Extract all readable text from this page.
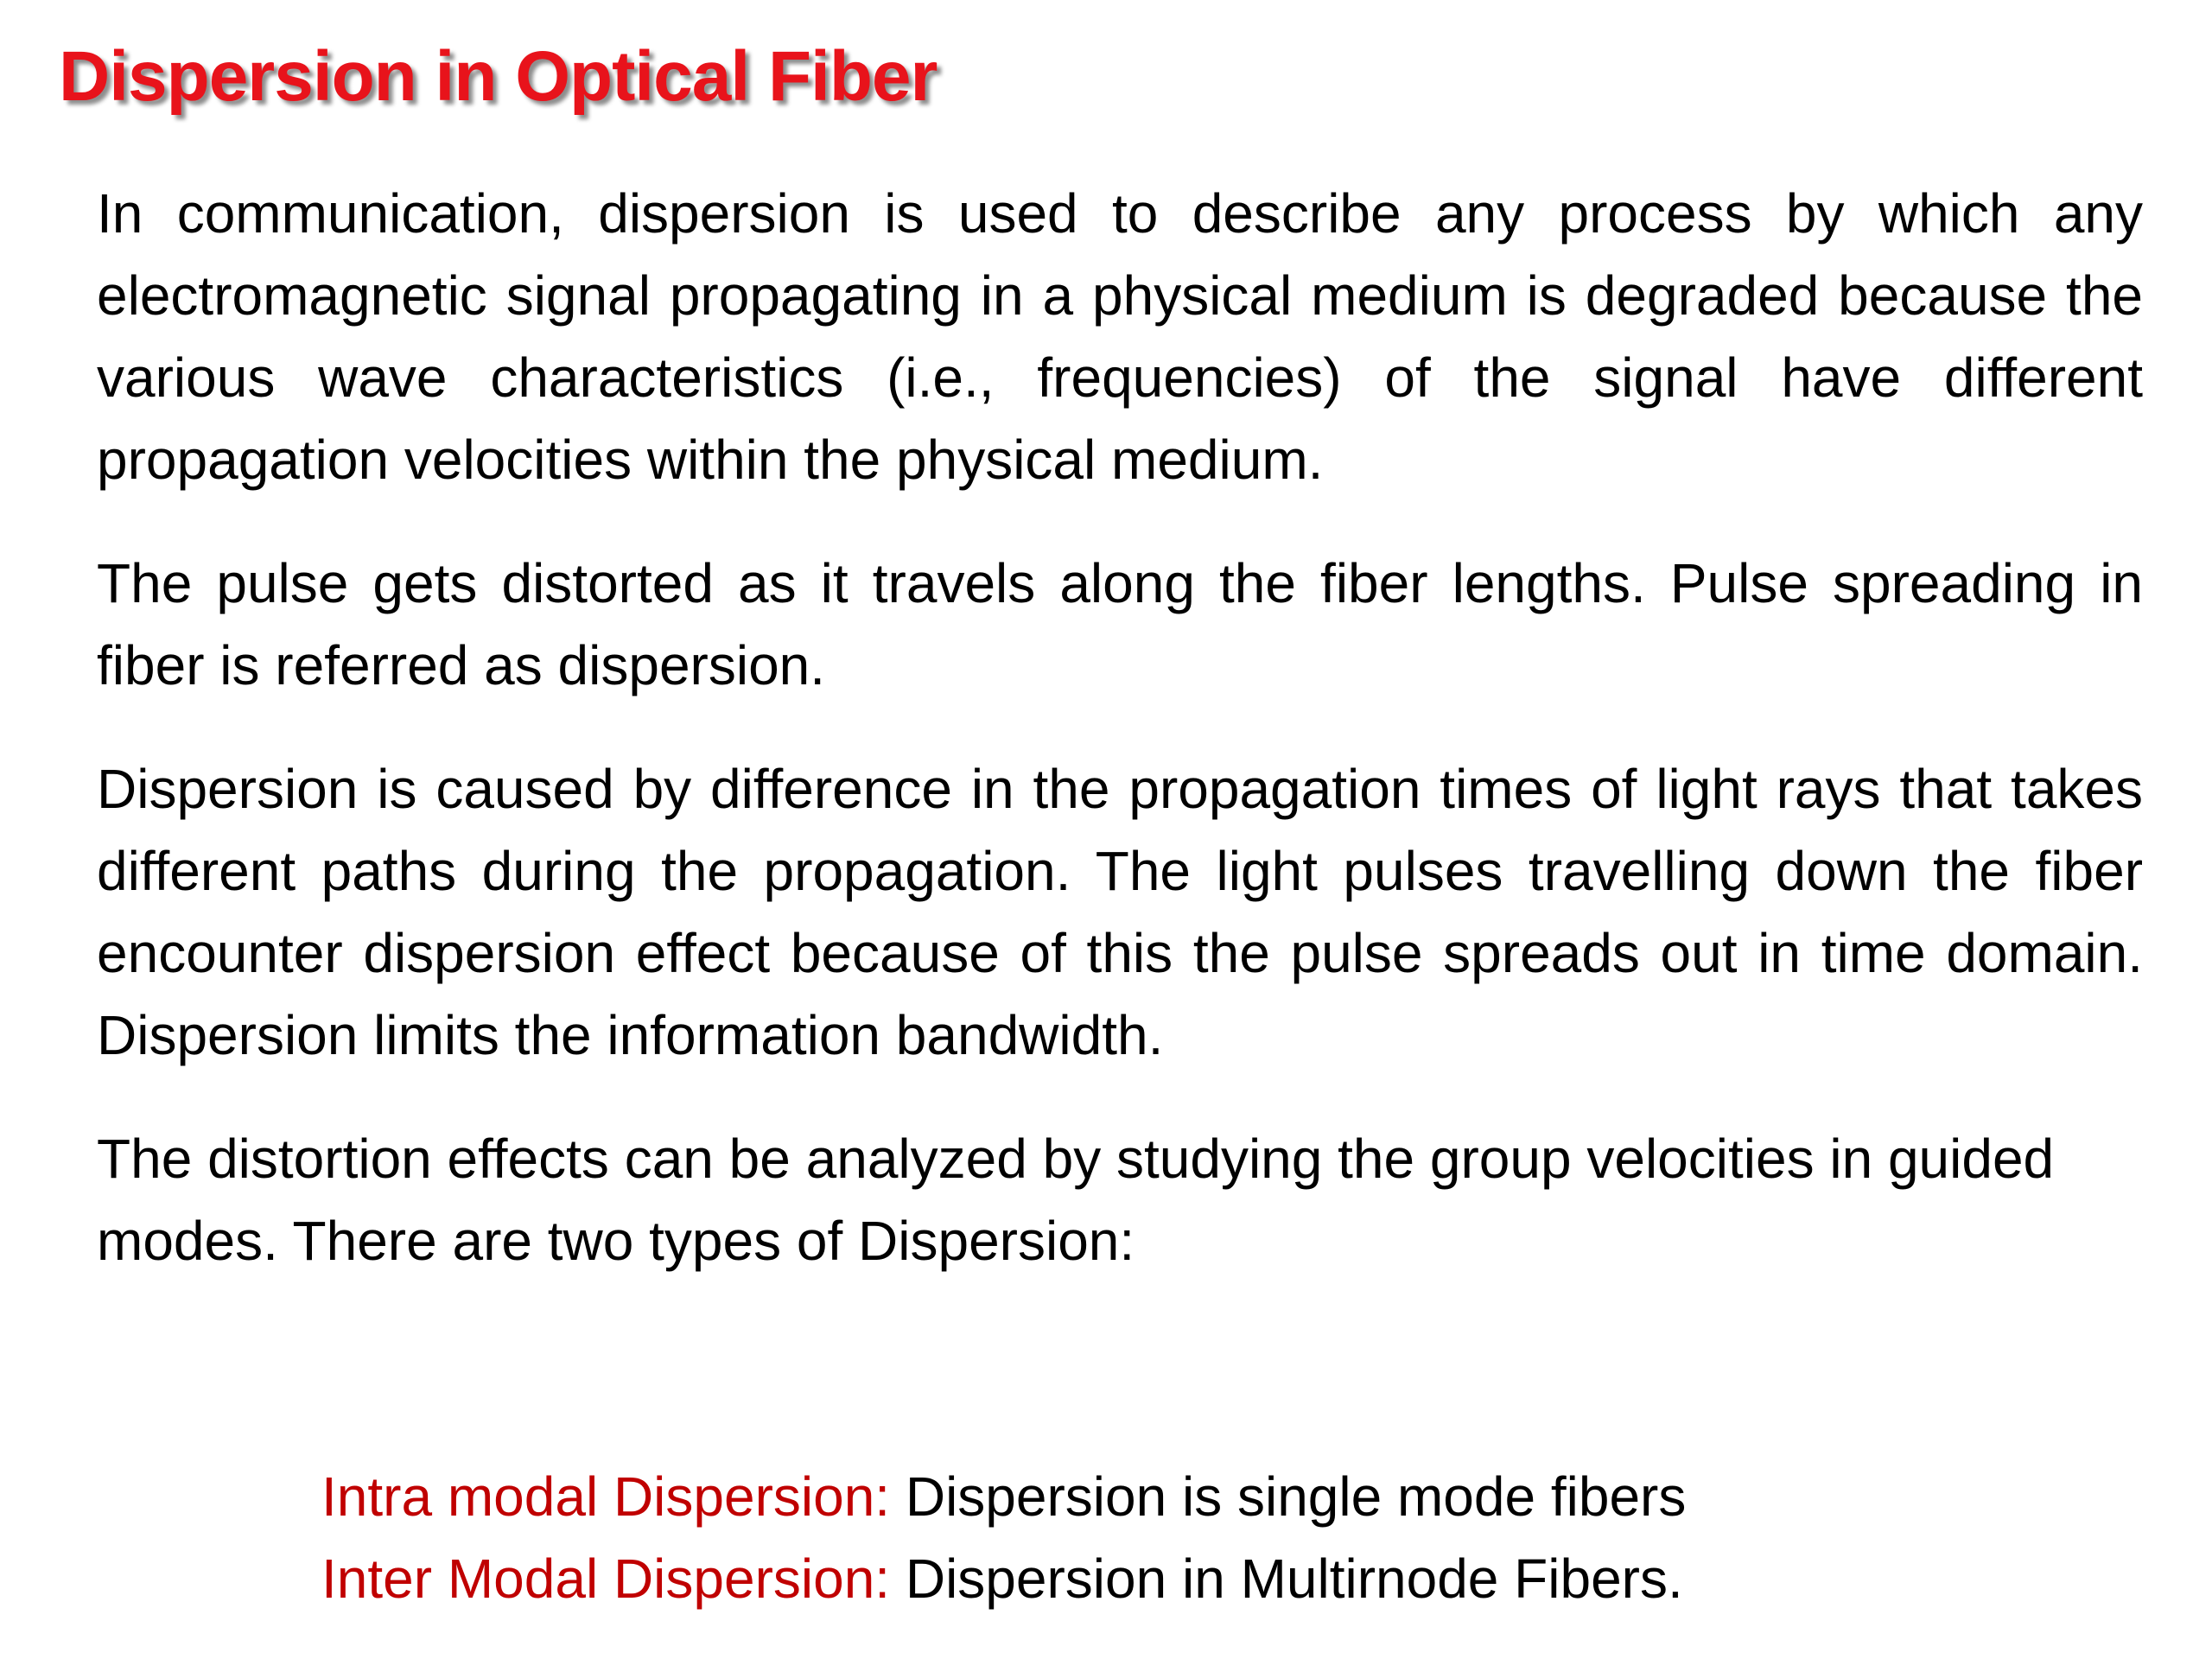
Dispersion in Optical Fiber

In communication, dispersion is used to describe any process by which any electromagnetic signal propagating in a physical medium is degraded because the various wave characteristics (i.e., frequencies) of the signal have different propagation velocities within the physical medium.

The pulse gets distorted as it travels along the fiber lengths. Pulse spreading in fiber is referred as dispersion.

Dispersion is caused by difference in the propagation times of light rays that takes different paths during the propagation. The light pulses travelling down the fiber encounter dispersion effect because of this the pulse spreads out in time domain. Dispersion limits the information bandwidth.

The distortion effects can be analyzed by studying the group velocities in guided modes. There are two types of Dispersion:

Intra modal Dispersion: Dispersion is single mode fibers
Inter Modal Dispersion: Dispersion in Multirnode Fibers.
